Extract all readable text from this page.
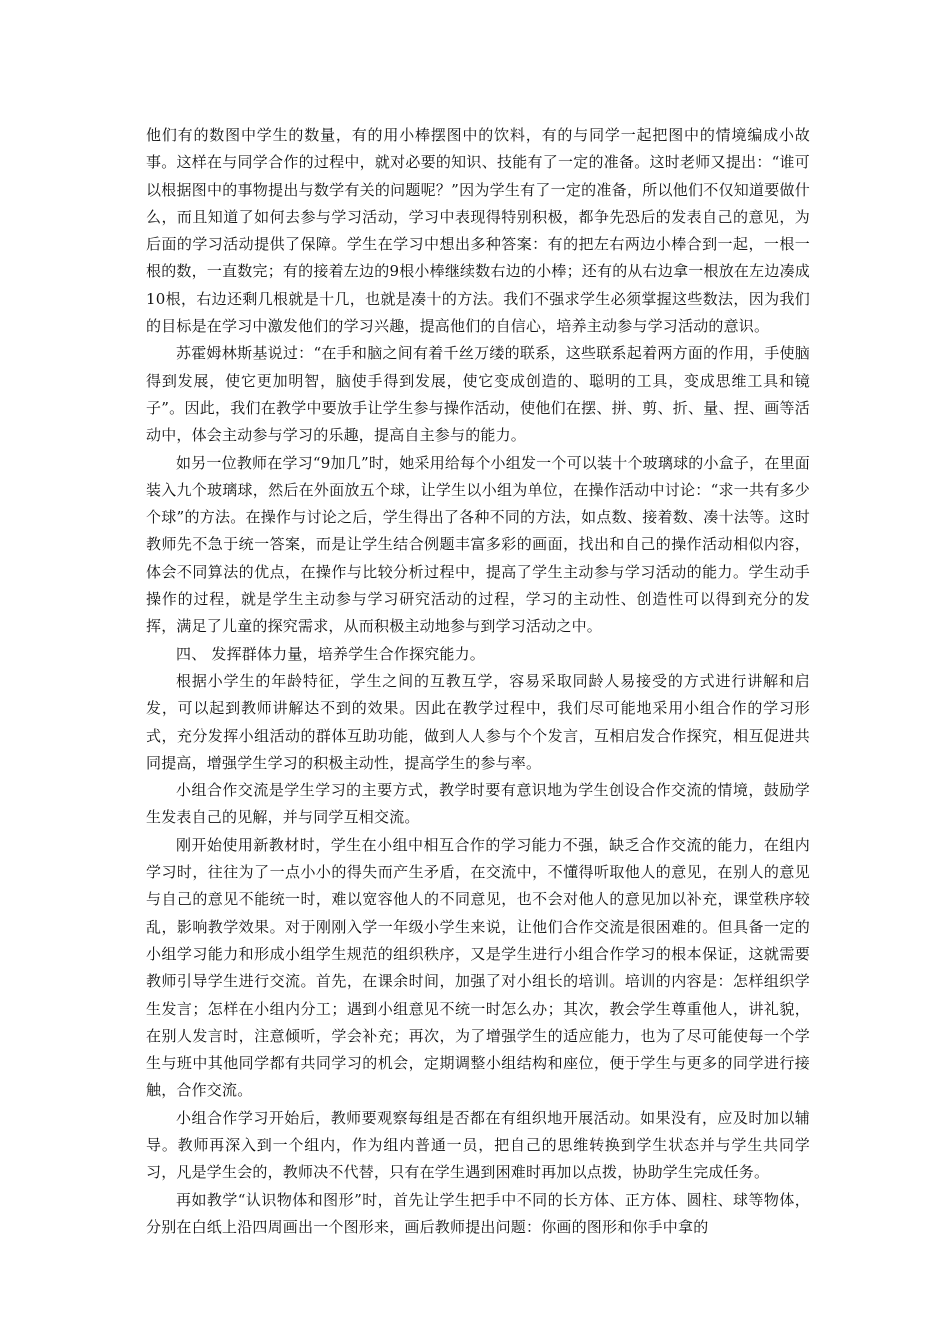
他们有的数图中学生的数量，有的用小棒摆图中的饮料，有的与同学一起把图中的情境编成小故事。这样在与同学合作的过程中，就对必要的知识、技能有了一定的准备。这时老师又提出：“谁可以根据图中的事物提出与数学有关的问题呢？”因为学生有了一定的准备，所以他们不仅知道要做什么，而且知道了如何去参与学习活动，学习中表现得特别积极，都争先恐后的发表自己的意见，为后面的学习活动提供了保障。学生在学习中想出多种答案：有的把左右两边小棒合到一起，一根一根的数，一直数完；有的接着左边的9根小棒继续数右边的小棒；还有的从右边拿一根放在左边凑成10根，右边还剩几根就是十几，也就是凑十的方法。我们不强求学生必须掌握这些数法，因为我们的目标是在学习中激发他们的学习兴趣，提高他们的自信心，培养主动参与学习活动的意识。

苏霍姆林斯基说过：“在手和脑之间有着千丝万缕的联系，这些联系起着两方面的作用，手使脑得到发展，使它更加明智，脑使手得到发展，使它变成创造的、聪明的工具，变成思维工具和镜子”。因此，我们在教学中要放手让学生参与操作活动，使他们在摆、拼、剪、折、量、捏、画等活动中，体会主动参与学习的乐趣，提高自主参与的能力。

如另一位教师在学习“9加几”时，她采用给每个小组发一个可以装十个玻璃球的小盒子，在里面装入九个玻璃球，然后在外面放五个球，让学生以小组为单位，在操作活动中讨论：“求一共有多少个球”的方法。在操作与讨论之后，学生得出了各种不同的方法，如点数、接着数、凑十法等。这时教师先不急于统一答案，而是让学生结合例题丰富多彩的画面，找出和自己的操作活动相似内容，体会不同算法的优点，在操作与比较分析过程中，提高了学生主动参与学习活动的能力。学生动手操作的过程，就是学生主动参与学习研究活动的过程，学习的主动性、创造性可以得到充分的发挥，满足了儿童的探究需求，从而积极主动地参与到学习活动之中。

四、 发挥群体力量，培养学生合作探究能力。

根据小学生的年龄特征，学生之间的互教互学，容易采取同龄人易接受的方式进行讲解和启发，可以起到教师讲解达不到的效果。因此在教学过程中，我们尽可能地采用小组合作的学习形式，充分发挥小组活动的群体互助功能，做到人人参与个个发言，互相启发合作探究，相互促进共同提高，增强学生学习的积极主动性，提高学生的参与率。

小组合作交流是学生学习的主要方式，教学时要有意识地为学生创设合作交流的情境，鼓励学生发表自己的见解，并与同学互相交流。

刚开始使用新教材时，学生在小组中相互合作的学习能力不强，缺乏合作交流的能力，在组内学习时，往往为了一点小小的得失而产生矛盾，在交流中，不懂得听取他人的意见，在别人的意见与自己的意见不能统一时，难以宽容他人的不同意见，也不会对他人的意见加以补充，课堂秩序较乱，影响教学效果。对于刚刚入学一年级小学生来说，让他们合作交流是很困难的。但具备一定的小组学习能力和形成小组学生规范的组织秩序，又是学生进行小组合作学习的根本保证，这就需要教师引导学生进行交流。首先，在课余时间，加强了对小组长的培训。培训的内容是：怎样组织学生发言；怎样在小组内分工；遇到小组意见不统一时怎么办；其次，教会学生尊重他人，讲礼貌，在别人发言时，注意倾听，学会补充；再次，为了增强学生的适应能力，也为了尽可能使每一个学生与班中其他同学都有共同学习的机会，定期调整小组结构和座位，便于学生与更多的同学进行接触，合作交流。

小组合作学习开始后，教师要观察每组是否都在有组织地开展活动。如果没有，应及时加以辅导。教师再深入到一个组内，作为组内普通一员，把自己的思维转换到学生状态并与学生共同学习，凡是学生会的，教师决不代替，只有在学生遇到困难时再加以点拨，协助学生完成任务。

再如教学“认识物体和图形”时，首先让学生把手中不同的长方体、正方体、圆柱、球等物体，分别在白纸上沿四周画出一个图形来，画后教师提出问题：你画的图形和你手中拿的
